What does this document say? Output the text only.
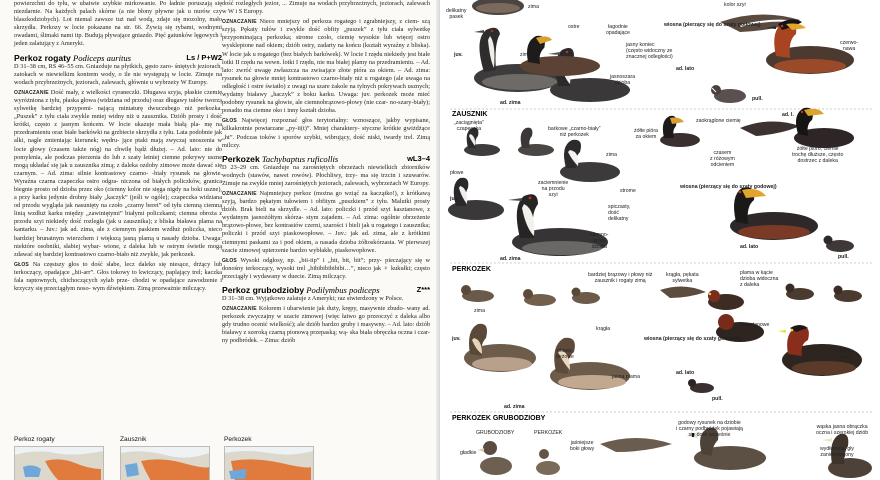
powierzchni do tyłu, w ubatwie szybkie mirkowanie. Po ładnie poruszają się niezdarnie. Na każdych palach skórne (a nie błony pływne jak u nurów czy blaszkodziobych). Lot niemal zawsze tuż nad wodą, zdaje się mozolny, mało skrzydła. Perkozy w locie pokazane na str. 66. Żywią się rybami, wodnymi owadami, ślimaki nami itp. Budują pływające gniazdo. Pięć gatunków lęgowych i jeden zalatujący z Ameryki.

Perkoz rogaty Podiceps auritus	Ls / P+W2

D 31–38 cm, RS 46–55 cm. Gniazduje na płytkich, gęsto zaro- śniętych jeziorach, zatokach w niewielkim kontrem wody, o ile nie występują w locie. Zimuje na wodach przybrzeżnych, jeziorach, zalewach, głównie u wybrzeży W Europy.

OZNACZANIE Dość mały, z wielkości cyraneczki. Długawa szyja, płaskie czemię wyróżniona z tyłu, płaska głowa (widziana od przodu) oraz długawy tułów tworzą sylwetkę bardziej przypomi- nającą miniaturę dwuczubego niż perkozka. „Puszek” z tyłu ciała zwykle mniej widny niż u zausznika. Dziób prosty i dość krótki, często z jasnym końcem. W locie ukazuje mała białą pla- mę na przedramieniu oraz białe barkówki na grzbiecie skrzydła z tyłu. Lata podobnie jak alki, nagle zmieniając kierunek; wędru- jące ptaki mają zwyczaj unoszenia w locie głowy (czasem także nóg) na chwilę bądź dłużej. – Ad. lato: nie do pomylenia, ale podczas pierzenia do lub z szaty letniej ciemne pokrywy uszne mogą układać się jak u zausznika zimą; z daleka ozdoby zimowe może dawać się czarnym. – Ad. zima: silnie kontrastowy czarno- -biały rysunek na głowie. Wyraźna czarna czapeczka ostro odgra- niczona od białych policzków, granica biegnie prosto od dzioba przez oko (ciemny kolor nie sięga nigdy na boki uszne), a przy karku jedynie drobny biały „kaczyk” (jeśli w ogóle); czapeczka widziana od przodu wygląda jak nasunięty na czoło „czarny beret” od tyłu ciemną ciemną linią wzdłuż karku między „zawiniętymi” białymi policzkami; ciemna obroża z przodu szyi niekiedy dość rozległa (jak u zausznika); z bliska biaława plama na kantarku. – Juv.: jak ad. zima, ale z ciemnym paskiem wzdłuż policzka, nieco bardziej brunatnym wierzchem i większą jasną plamą u nasady dzioba. Uwaga: niektóre osobniki, słabiej wybar- wione, z daleka lub w ostrym świetle mogą zdawać się bardziej kontrastowo czarno-biało niż zwykle, jak perkozek.

GŁOS Na częstszy głos to dość słabe, lecz daleko się niesące, drżący lub terkoczący, opadające „hii-arr”. Głos tokowy to kwiczący, paplający trel; kaczka fala raptownych, chichoczących sylab prze- chodzi w opadające zawodzenie i krzyczy się przeciągłym noso- wym dźwiękiem. Zimą przeważnie milczący.

dość rozległych jezior, ... Zimuje na wodach przybrzeżnych, jeziorach, zalewach w W i S Europy.

OZNACZANIE Nieco mniejszy od perkoza rogatego i zgrabniejszy, z ciem- szą szyją. Pękaty tułów i zwykle dość obfity „puszek” z tyłu ciała sylwetkę przypominającą perkozka; strome czoło, ciemię wysokie lub więcej ostro wysklepione nad okiem; dziób ostry, zadarty na końcu (kształt wyraźny z bliska). W locie jak u rogatego (bez białych barkówek). W locie I rzędu niekiedy jest białe lotki II rzędu na wewn. lotki I rzędu, nie ma białej plamy na przedramieniu. – Ad. lato: zwróć uwagę zwłaszcza na zwisające złote pióra za okiem. – Ad. zima: rysunek na głowie mniej kontrastowo czarno-biały niż u rogatego (ale uwaga na odległość i ostre światło) z uwagi na szare żakole na tylnych pokrywach usznych; wydatny białawy „haczyk” z boku karku. Uwaga: juv. perkozek może mieć podobny rysunek na głowie, ale ciemnobrązowo-płowy (nie czar- no-szary-biały); ponadto ma ciemne oko i inny kształt dzioba.

GŁOS Najwięcej rozpoznać głos terytorialny: wznoszące, jakby wypisane, kilkakrotnie powtarzane „py-ii(t)”. Mniej charaktery- styczne krótkie gwiżdżące „ht”. Podczas toków i sporów szybki, wibrujący, dość niski, twardy trel. Zimą milczy.

Perkozek Tachybaptus ruficollis	wL3–4

D 23–29 cm. Gniazduje na zarośniętych obrzeżach niewielkich zbiorników wodnych (stawów, nawet rowów). Płochliwy, trzy- ma się trzcin i szuwarów. Zimuje na zwykle mniej zarośniętych jeziorach, zalewach, wybrzeżach W Europy.

OZNACZANIE Najmniejszy perkoz (można go wziąć za kaczątko!), z krótkawą szyją, bardzo pękatym tułowiem i obfitym „puszkiem” z tyłu. Malutki prosty dziób. Brak bieli na skrzydle. – Ad. lato: policzki i przód szyi kasztanowe, z wydatnym jasnożółtym skórza- stym zajadem. – Ad. zima: ogólnie obrzeżenie brązowo-płowe, bez kontrastów czerni, szarości i bieli jak u rogatego i zausznika; policzki i przód szyi piaskowopłowe. – Juv.: jak ad. zima, ale z krótkimi ciemnymi paskami za i pod okiem, a nasada dzioba żółtoskórzasta. W pierwszej szacie zimowej upierzenie bardzo wybłakłe, piaskowopłowe.

GŁOS Wysoki odgłosy, np. „bii-iip” i „bit, bit, bit”; przy- pieczający się w donośny terkoczący, wysoki trel „bibibibibibibi…”, nieco jak ♀ kukułki; często przeciągły i wydawany w duecie. Zimą milczący.

Perkoz grubodzioby Podilymbus podiceps	Z***

D 31–38 cm. Wyjątkowo zalatuje z Ameryki; raz stwierdzony w Polsce.

OZNACZANIE Kolorem i ubarwienie jak duży, krępy, masywnie zbudo- wany ad. perkozek zwyczajny w szacie zimowej (więc łatwo go przeoczyć z daleka albo gdy trudno ocenić wielkość); ale dziób bardzo gruby i masywny. – Ad. lato: dziób białawy z szeroką czarną pionową przepaską; wą- ska biała obręczka oczna i czar- ny podbródek. – Zima: dziób

Perkoz rogaty	Zausznik	Perkozek
ZAUSZNIK
PERKOZEK
PERKOZEK GRUBODZIOBY
delikatny
pasek
zima
juv.
ostre
białe
łagodnie
opadające
jasny koniec
(często widoczny ze
znacznej odległości)
jasnoszara
dzioba
zima
ad. zima
wiosna (pierzący się do szaty godowej)
ad. lato
czerwo-
nawa
pull.
kolor szyi
„zaciągnięta”
czapeczka	barkowe „czarno-biały”
niż perkozek
żółte pióra
za okiem
zaokrąglone ciemię
ad. l.
czasem
z różowym
odcieniem
żółte pióro, ciemie
trochę dłuższe, często
dostrzec z daleka
zima
płowe
juv.
zaciemnienie
na przodu
szyi
strome
spiczasty,
dość
delikatny
ciemno-
szara
dzioba
ad. zima
wiosna (pierzący się do szaty godowej)
ad. lato
pull.
bardziej brązowy i płowy niż
zausznik i rogaty zimą
krągła, pękata
sylwetka
plama w kącie
dzioba widoczna
z daleka
zima
juv.
krągła
płowo-
beżowe
jasna plama
kasztanowe
żółty
zajad
wiosna (pierzący się do szaty godowej)
ad. lato
pull.
ad. zima
GRUBODZIOBY	PERKOZEK
jaśniejsze
boki głowy
godowy rysunek na dziobie
i czarny podbródek pojawiają
się dość wcześnie
wąska jasna obrączka
oczna i szerokiej dziób
gładkie
wydłużona, gły
zaniepokojony
